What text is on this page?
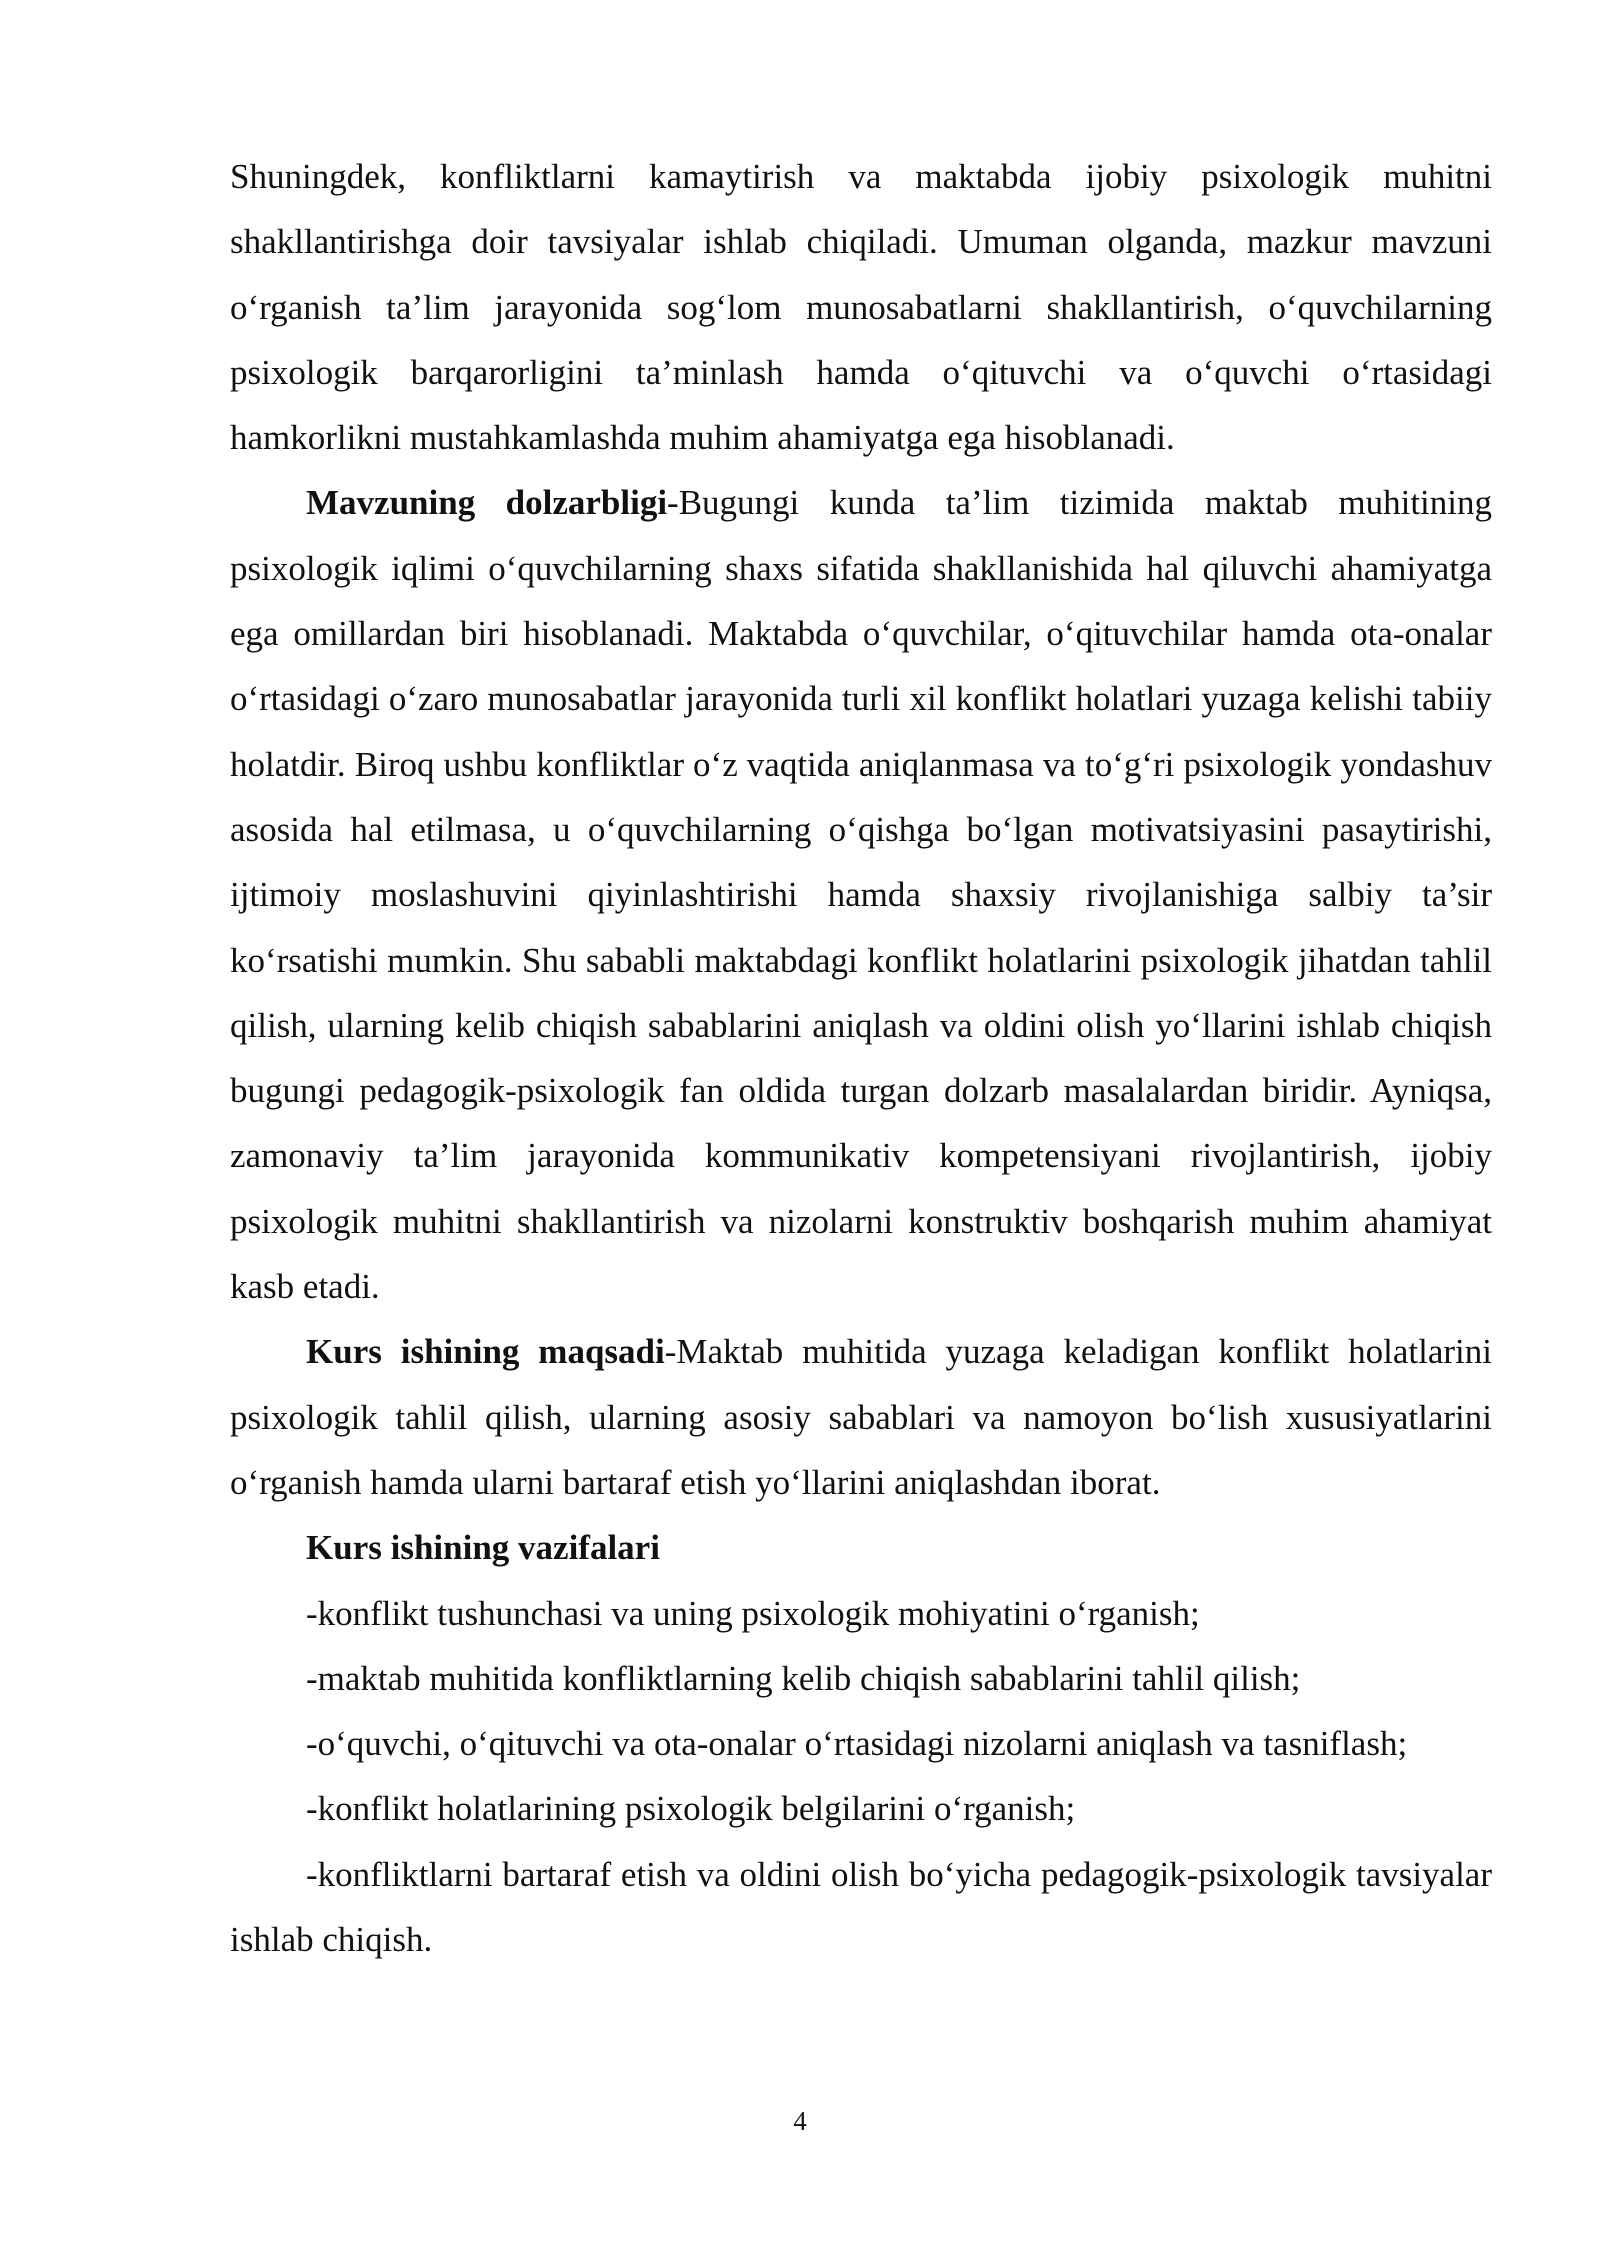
Shuningdek, konfliktlarni kamaytirish va maktabda ijobiy psixologik muhitni shakllantirishga doir tavsiyalar ishlab chiqiladi. Umuman olganda, mazkur mavzuni o‘rganish ta’lim jarayonida sog‘lom munosabatlarni shakllantirish, o‘quvchilarning psixologik barqarorligini ta’minlash hamda o‘qituvchi va o‘quvchi o‘rtasidagi hamkorlikni mustahkamlashda muhim ahamiyatga ega hisoblanadi.

Mavzuning dolzarbligi-Bugungi kunda ta’lim tizimida maktab muhitining psixologik iqlimi o‘quvchilarning shaxs sifatida shakllanishida hal qiluvchi ahamiyatga ega omillardan biri hisoblanadi. Maktabda o‘quvchilar, o‘qituvchilar hamda ota-onalar o‘rtasidagi o‘zaro munosabatlar jarayonida turli xil konflikt holatlari yuzaga kelishi tabiiy holatdir. Biroq ushbu konfliktlar o‘z vaqtida aniqlanmasa va to‘g‘ri psixologik yondashuv asosida hal etilmasa, u o‘quvchilarning o‘qishga bo‘lgan motivatsiyasini pasaytirishi, ijtimoiy moslashuvini qiyinlashtirishi hamda shaxsiy rivojlanishiga salbiy ta’sir ko‘rsatishi mumkin. Shu sababli maktabdagi konflikt holatlarini psixologik jihatdan tahlil qilish, ularning kelib chiqish sabablarini aniqlash va oldini olish yo‘llarini ishlab chiqish bugungi pedagogik-psixologik fan oldida turgan dolzarb masalalardan biridir. Ayniqsa, zamonaviy ta’lim jarayonida kommunikativ kompetensiyani rivojlantirish, ijobiy psixologik muhitni shakllantirish va nizolarni konstruktiv boshqarish muhim ahamiyat kasb etadi.

Kurs ishining maqsadi-Maktab muhitida yuzaga keladigan konflikt holatlarini psixologik tahlil qilish, ularning asosiy sabablari va namoyon bo‘lish xususiyatlarini o‘rganish hamda ularni bartaraf etish yo‘llarini aniqlashdan iborat.

Kurs ishining vazifalari

-konflikt tushunchasi va uning psixologik mohiyatini o‘rganish;

-maktab muhitida konfliktlarning kelib chiqish sabablarini tahlil qilish;

-o‘quvchi, o‘qituvchi va ota-onalar o‘rtasidagi nizolarni aniqlash va tasniflash;

-konflikt holatlarining psixologik belgilarini o‘rganish;

-konfliktlarni bartaraf etish va oldini olish bo‘yicha pedagogik-psixologik tavsiyalar ishlab chiqish.

4
